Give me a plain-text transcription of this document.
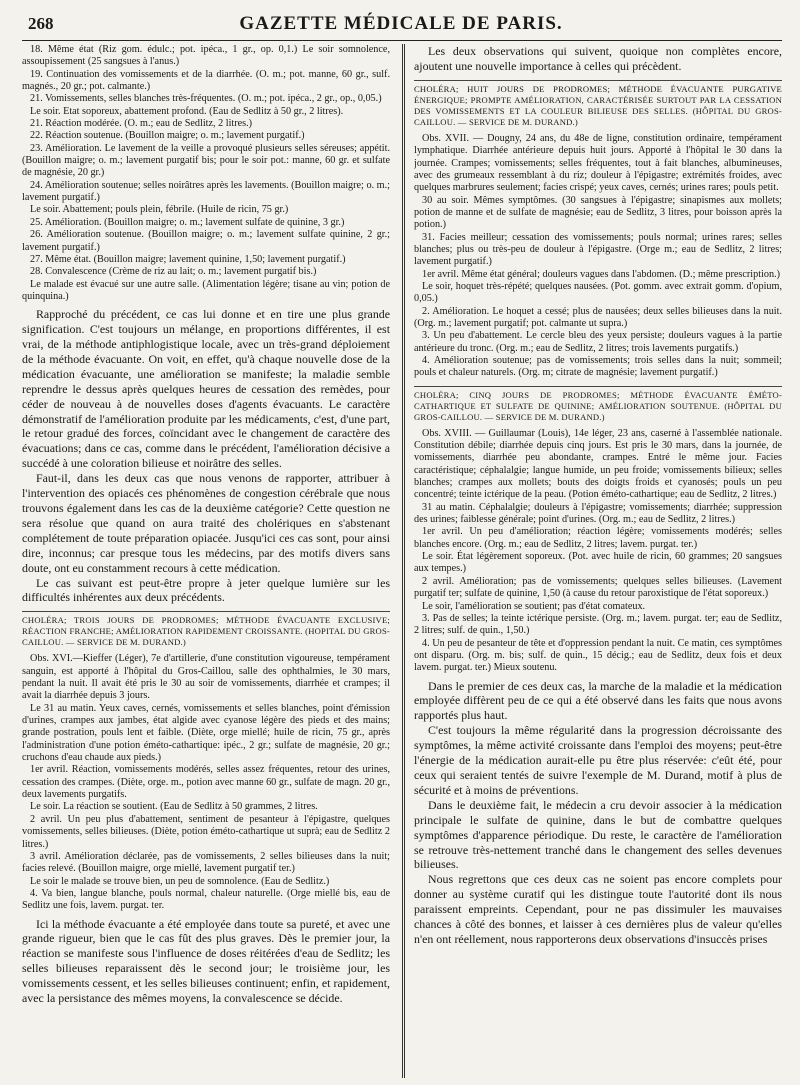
268	GAZETTE MÉDICALE DE PARIS.

18. Même état (Riz gom. édulc.; pot. ipéca., 1 gr., op. 0,1.) Le soir somnolence, assoupissement (25 sangsues à l'anus.)

19. Continuation des vomissements et de la diarrhée. (O. m.; pot. manne, 60 gr., sulf. magnés., 20 gr.; pot. calmante.)

21. Vomissements, selles blanches très-fréquentes. (O. m.; pot. ipéca., 2 gr., op., 0,05.)

Le soir. Etat soporeux, abattement profond. (Eau de Sedlitz à 50 gr., 2 litres).

21. Réaction modérée. (O. m.; eau de Sedlitz, 2 litres.)

22. Réaction soutenue. (Bouillon maigre; o. m.; lavement purgatif.)

23. Amélioration. Le lavement de la veille a provoqué plusieurs selles séreuses; appétit. (Bouillon maigre; o. m.; lavement purgatif bis; pour le soir pot.: manne, 60 gr. et sulfate de magnésie, 20 gr.)

24. Amélioration soutenue; selles noirâtres après les lavements. (Bouillon maigre; o. m.; lavement purgatif.)

Le soir. Abattement; pouls plein, fébrile. (Huile de ricin, 75 gr.)

25. Amélioration. (Bouillon maigre; o. m.; lavement sulfate de quinine, 3 gr.)

26. Amélioration soutenue. (Bouillon maigre; o. m.; lavement sulfate quinine, 2 gr.; lavement purgatif.)

27. Même état. (Bouillon maigre; lavement quinine, 1,50; lavement purgatif.)

28. Convalescence (Crème de riz au lait; o. m.; lavement purgatif bis.)

Le malade est évacué sur une autre salle. (Alimentation légère; tisane au vin; potion de quinquina.)

Rapproché du précédent, ce cas lui donne et en tire une plus grande signification. C'est toujours un mélange, en proportions différentes, il est vrai, de la méthode antiphlogistique locale, avec un très-grand déploiement de la méthode évacuante. On voit, en effet, qu'à chaque nouvelle dose de la médication évacuante, une amélioration se manifeste; la maladie semble reprendre le dessus après quelques heures de cessation des remèdes, pour céder de nouveau à de nouvelles doses d'agents évacuants. Le caractère démonstratif de l'amélioration produite par les médicaments, c'est, d'une part, le retour gradué des forces, coïncidant avec le changement de caractère des évacuations; dans ce cas, comme dans le précédent, l'amélioration décisive a succédé à une coloration bilieuse et noirâtre des selles.

Faut-il, dans les deux cas que nous venons de rapporter, attribuer à l'intervention des opiacés ces phénomènes de congestion cérébrale que nous trouvons également dans les cas de la deuxième catégorie? Cette question ne sera résolue que quand on aura traité des cholériques en s'abstenant complétement de toute préparation opiacée. Jusqu'ici ces cas sont, pour ainsi dire, inconnus; car presque tous les médecins, par des motifs divers sans doute, ont eu constamment recours à cette médication.

Le cas suivant est peut-être propre à jeter quelque lumière sur les difficultés inhérentes aux deux précédents.

CHOLÉRA; TROIS JOURS DE PRODROMES; MÉTHODE ÉVACUANTE EXCLUSIVE; RÉACTION FRANCHE; AMÉLIORATION RAPIDEMENT CROISSANTE. (HOPITAL DU GROS-CAILLOU. — SERVICE DE M. DURAND.)

Obs. XVI.—Kieffer (Léger), 7e d'artillerie, d'une constitution vigoureuse, tempérament sanguin, est apporté à l'hôpital du Gros-Caillou, salle des ophthalmies, le 30 mars, pendant la nuit. Il avait été pris le 30 au soir de vomissements, diarrhée et crampes; il avait la diarrhée depuis 3 jours.

Le 31 au matin. Yeux caves, cernés, vomissements et selles blanches, point d'émission d'urines, crampes aux jambes, état algide avec cyanose légère des pieds et des mains; grande postration, pouls lent et faible. (Diète, orge miellé; huile de ricin, 75 gr., après l'administration d'une potion éméto-cathartique: ipéc., 2 gr.; sulfate de magnésie, 20 gr.; cruchons d'eau chaude aux pieds.)

1er avril. Réaction, vomissements modérés, selles assez fréquentes, retour des urines, cessation des crampes. (Diète, orge. m., potion avec manne 60 gr., sulfate de magn. 20 gr., deux lavements purgatifs.

Le soir. La réaction se soutient. (Eau de Sedlitz à 50 grammes, 2 litres.

2 avril. Un peu plus d'abattement, sentiment de pesanteur à l'épigastre, quelques vomissements, selles bilieuses. (Diète, potion éméto-cathartique ut suprà; eau de Sedlitz 2 litres.)

3 avril. Amélioration déclarée, pas de vomissements, 2 selles bilieuses dans la nuit; facies relevé. (Bouillon maigre, orge miellé, lavement purgatif ter.)

Le soir le malade se trouve bien, un peu de somnolence. (Eau de Sedlitz.)

4. Va bien, langue blanche, pouls normal, chaleur naturelle. (Orge miellé bis, eau de Sedlitz une fois, lavem. purgat. ter.

Ici la méthode évacuante a été employée dans toute sa pureté, et avec une grande rigueur, bien que le cas fût des plus graves. Dès le premier jour, la réaction se manifeste sous l'influence de doses réitérées d'eau de Sedlitz; les selles bilieuses reparaissent dès le second jour; le troisième jour, les vomissements cessent, et les selles bilieuses continuent; enfin, et rapidement, avec la persistance des mêmes moyens, la convalescence se décide.

Les deux observations qui suivent, quoique non complètes encore, ajoutent une nouvelle importance à celles qui précèdent.

CHOLÉRA; HUIT JOURS DE PRODROMES; MÉTHODE ÉVACUANTE PURGATIVE ÉNERGIQUE; PROMPTE AMÉLIORATION, CARACTÉRISÉE SURTOUT PAR LA CESSATION DES VOMISSEMENTS ET LA COULEUR BILIEUSE DES SELLES. (HÔPITAL DU GROS-CAILLOU. — SERVICE DE M. DURAND.)

Obs. XVII. — Dougny, 24 ans, du 48e de ligne, constitution ordinaire, tempérament lymphatique. Diarrhée antérieure depuis huit jours. Apporté à l'hôpital le 30 dans la journée. Crampes; vomissements; selles fréquentes, tout à fait blanches, albumineuses, avec des grumeaux ressemblant à du riz; douleur à l'épigastre; extrémités froides, avec quelques marbrures seulement; facies crispé; yeux caves, cernés; urines rares; pouls petit.

30 au soir. Mêmes symptômes. (30 sangsues à l'épigastre; sinapismes aux mollets; potion de manne et de sulfate de magnésie; eau de Sedlitz, 3 litres, pour boisson après la potion.)

31. Facies meilleur; cessation des vomissements; pouls normal; urines rares; selles blanches; plus ou très-peu de douleur à l'épigastre. (Orge m.; eau de Sedlitz, 2 litres; lavement purgatif.)

1er avril. Même état général; douleurs vagues dans l'abdomen. (D.; même prescription.)

Le soir, hoquet très-répété; quelques nausées. (Pot. gomm. avec extrait gomm. d'opium, 0,05.)

2. Amélioration. Le hoquet a cessé; plus de nausées; deux selles bilieuses dans la nuit. (Org. m.; lavement purgatif; pot. calmante ut supra.)

3. Un peu d'abattement. Le cercle bleu des yeux persiste; douleurs vagues à la partie antérieure du tronc. (Org. m.; eau de Sedlitz, 2 litres; trois lavements purgatifs.)

4. Amélioration soutenue; pas de vomissements; trois selles dans la nuit; sommeil; pouls et chaleur naturels. (Org. m; citrate de magnésie; lavement purgatif.)

CHOLÉRA; CINQ JOURS DE PRODROMES; MÉTHODE ÉVACUANTE ÉMÉTO-CATHARTIQUE ET SULFATE DE QUININE; AMÉLIORATION SOUTENUE. (HÔPITAL DU GROS-CAILLOU. — SERVICE DE M. DURAND.)

Obs. XVIII. — Guillaumar (Louis), 14e léger, 23 ans, caserné à l'assemblée nationale. Constitution débile; diarrhée depuis cinq jours. Est pris le 30 mars, dans la journée, de vomissements, diarrhée peu abondante, crampes. Entré le même jour. Facies caractéristique; céphalalgie; langue humide, un peu froide; vomissements bilieux; selles blanches; crampes aux mollets; bouts des doigts froids et cyanosés; pouls un peu concentré; teinte ictérique de la peau. (Potion éméto-cathartique; eau de Sedlitz, 2 litres.)

31 au matin. Céphalalgie; douleurs à l'épigastre; vomissements; diarrhée; suppression des urines; faiblesse générale; point d'urines. (Org. m.; eau de Sedlitz, 2 litres.)

1er avril. Un peu d'amélioration; réaction légère; vomissements modérés; selles blanches encore. (Org. m.; eau de Sedlitz, 2 litres; lavem. purgat. ter.)

Le soir. État légèrement soporeux. (Pot. avec huile de ricin, 60 grammes; 20 sangsues aux tempes.)

2 avril. Amélioration; pas de vomissements; quelques selles bilieuses. (Lavement purgatif ter; sulfate de quinine, 1,50 (à cause du retour paroxistique de l'état soporeux.)

Le soir, l'amélioration se soutient; pas d'état comateux.

3. Pas de selles; la teinte ictérique persiste. (Org. m.; lavem. purgat. ter; eau de Sedlitz, 2 litres; sulf. de quin., 1,50.)

4. Un peu de pesanteur de tête et d'oppression pendant la nuit. Ce matin, ces symptômes ont disparu. (Org. m. bis; sulf. de quin., 15 décig.; eau de Sedlitz, deux fois et deux lavem. purgat. ter.) Mieux soutenu.

Dans le premier de ces deux cas, la marche de la maladie et la médication employée diffèrent peu de ce qui a été observé dans les faits que nous avons rapportés plus haut.

C'est toujours la même régularité dans la progression décroissante des symptômes, la même activité croissante dans l'emploi des moyens; peut-être l'énergie de la médication aurait-elle pu être plus réservée: c'eût été, pour ceux qui seraient tentés de suivre l'exemple de M. Durand, motif à plus de sécurité et à moins de préventions.

Dans le deuxième fait, le médecin a cru devoir associer à la médication principale le sulfate de quinine, dans le but de combattre quelques symptômes d'apparence périodique. Du reste, le caractère de l'amélioration se retrouve très-nettement tranché dans le changement des selles devenues bilieuses.

Nous regrettons que ces deux cas ne soient pas encore complets pour donner au système curatif qui les distingue toute l'autorité dont ils nous paraissent empreints. Cependant, pour ne pas dissimuler les mauvaises chances à côté des bonnes, et laisser à ces dernières plus de valeur qu'elles n'en ont réellement, nous rapporterons deux observations d'insuccès prises
